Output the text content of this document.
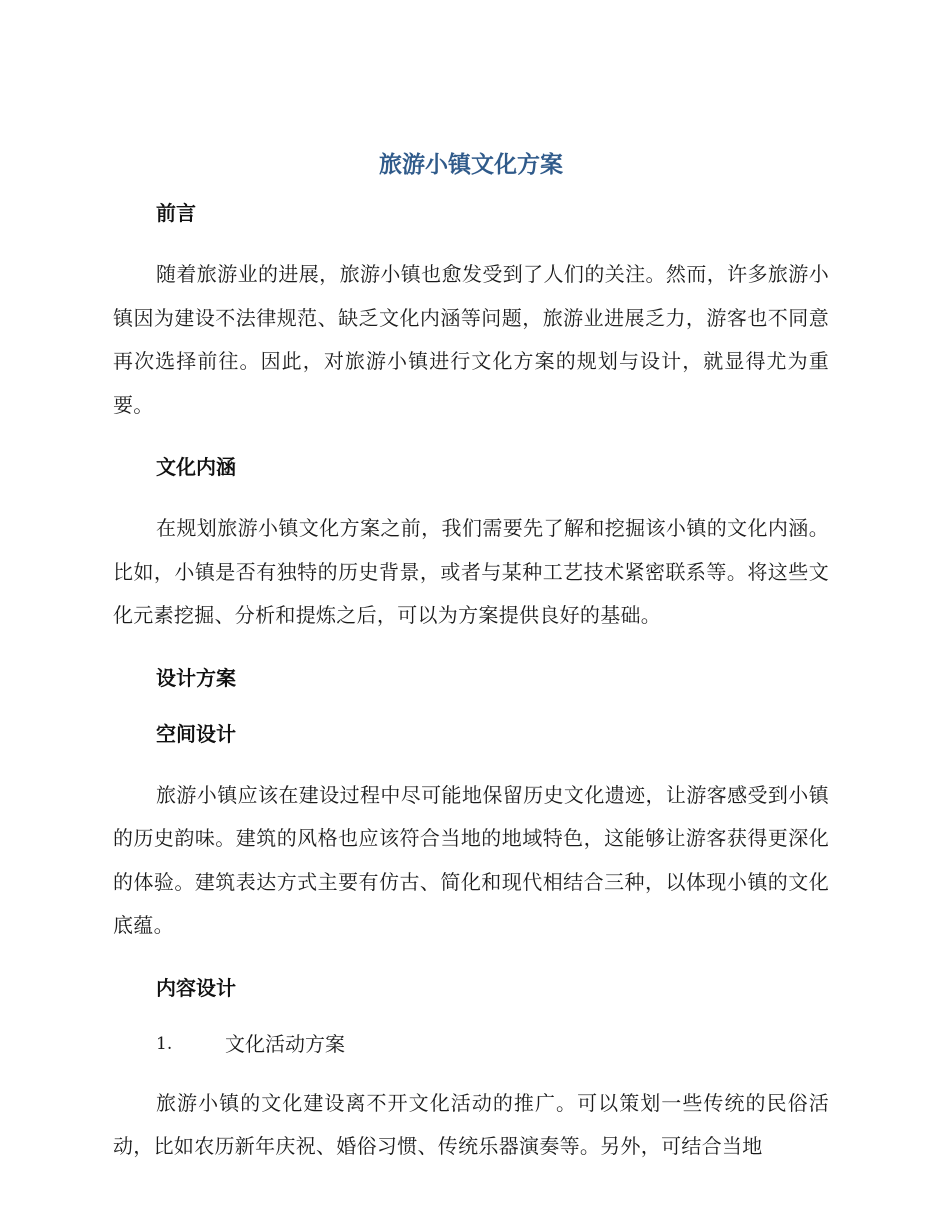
旅游小镇文化方案
前言

随着旅游业的进展，旅游小镇也愈发受到了人们的关注。然而，许多旅游小镇因为建设不法律规范、缺乏文化内涵等问题，旅游业进展乏力，游客也不同意再次选择前往。因此，对旅游小镇进行文化方案的规划与设计，就显得尤为重要。

文化内涵

在规划旅游小镇文化方案之前，我们需要先了解和挖掘该小镇的文化内涵。比如，小镇是否有独特的历史背景，或者与某种工艺技术紧密联系等。将这些文化元素挖掘、分析和提炼之后，可以为方案提供良好的基础。

设计方案
空间设计

旅游小镇应该在建设过程中尽可能地保留历史文化遗迹，让游客感受到小镇的历史韵味。建筑的风格也应该符合当地的地域特色，这能够让游客获得更深化的体验。建筑表达方式主要有仿古、简化和现代相结合三种，以体现小镇的文化底蕴。

内容设计
1.	文化活动方案

旅游小镇的文化建设离不开文化活动的推广。可以策划一些传统的民俗活动，比如农历新年庆祝、婚俗习惯、传统乐器演奏等。另外，可结合当地
